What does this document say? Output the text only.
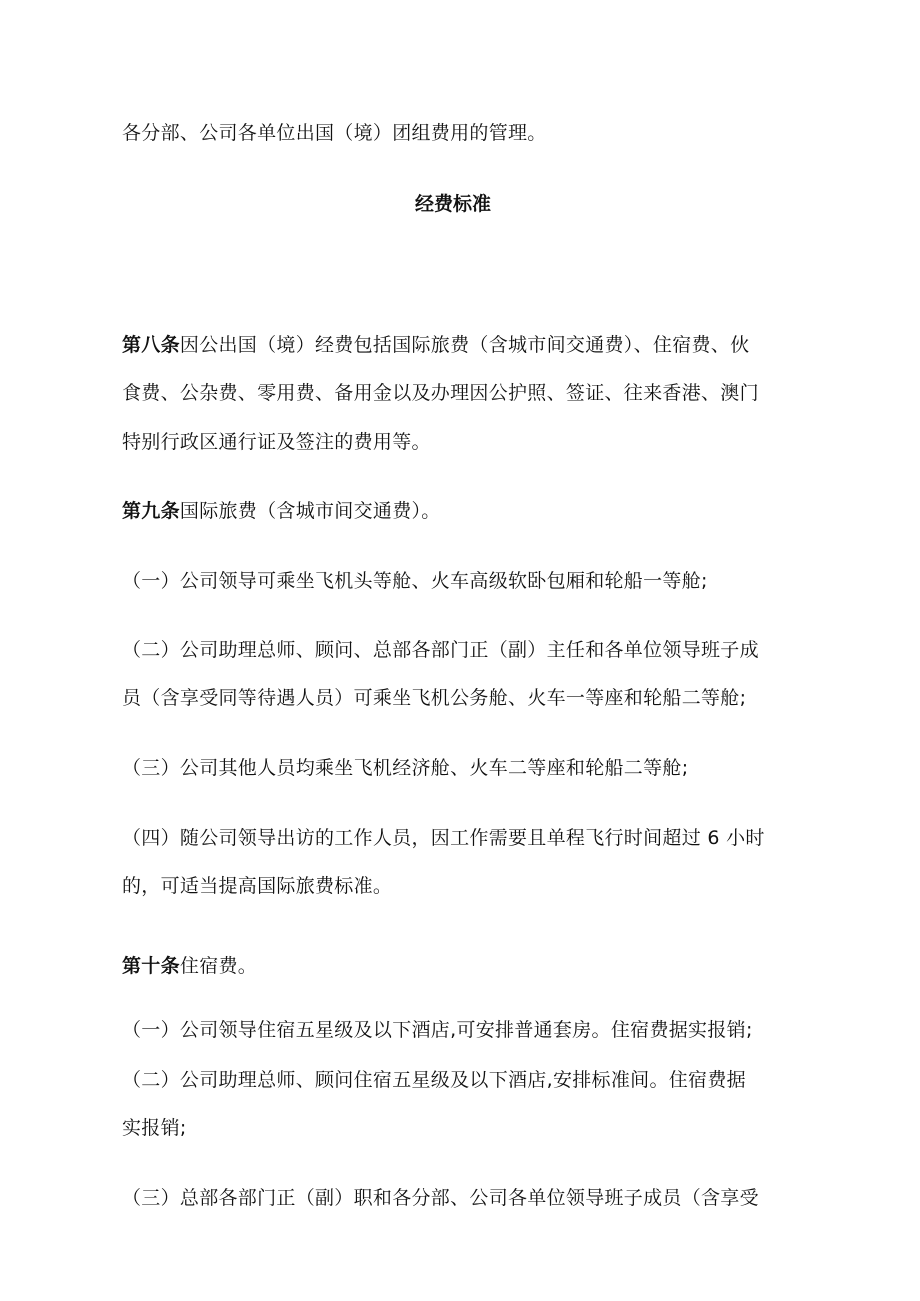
各分部、公司各单位出国（境）团组费用的管理。
经费标准
第八条因公出国（境）经费包括国际旅费（含城市间交通费）、住宿费、伙
食费、公杂费、零用费、备用金以及办理因公护照、签证、往来香港、澳门
特别行政区通行证及签注的费用等。
第九条国际旅费（含城市间交通费）。
（一）公司领导可乘坐飞机头等舱、火车高级软卧包厢和轮船一等舱;
（二）公司助理总师、顾问、总部各部门正（副）主任和各单位领导班子成
员（含享受同等待遇人员）可乘坐飞机公务舱、火车一等座和轮船二等舱;
（三）公司其他人员均乘坐飞机经济舱、火车二等座和轮船二等舱;
（四）随公司领导出访的工作人员，因工作需要且单程飞行时间超过 6 小时
的，可适当提高国际旅费标准。
第十条住宿费。
（一）公司领导住宿五星级及以下酒店,可安排普通套房。住宿费据实报销;
（二）公司助理总师、顾问住宿五星级及以下酒店,安排标准间。住宿费据
实报销;
（三）总部各部门正（副）职和各分部、公司各单位领导班子成员（含享受
